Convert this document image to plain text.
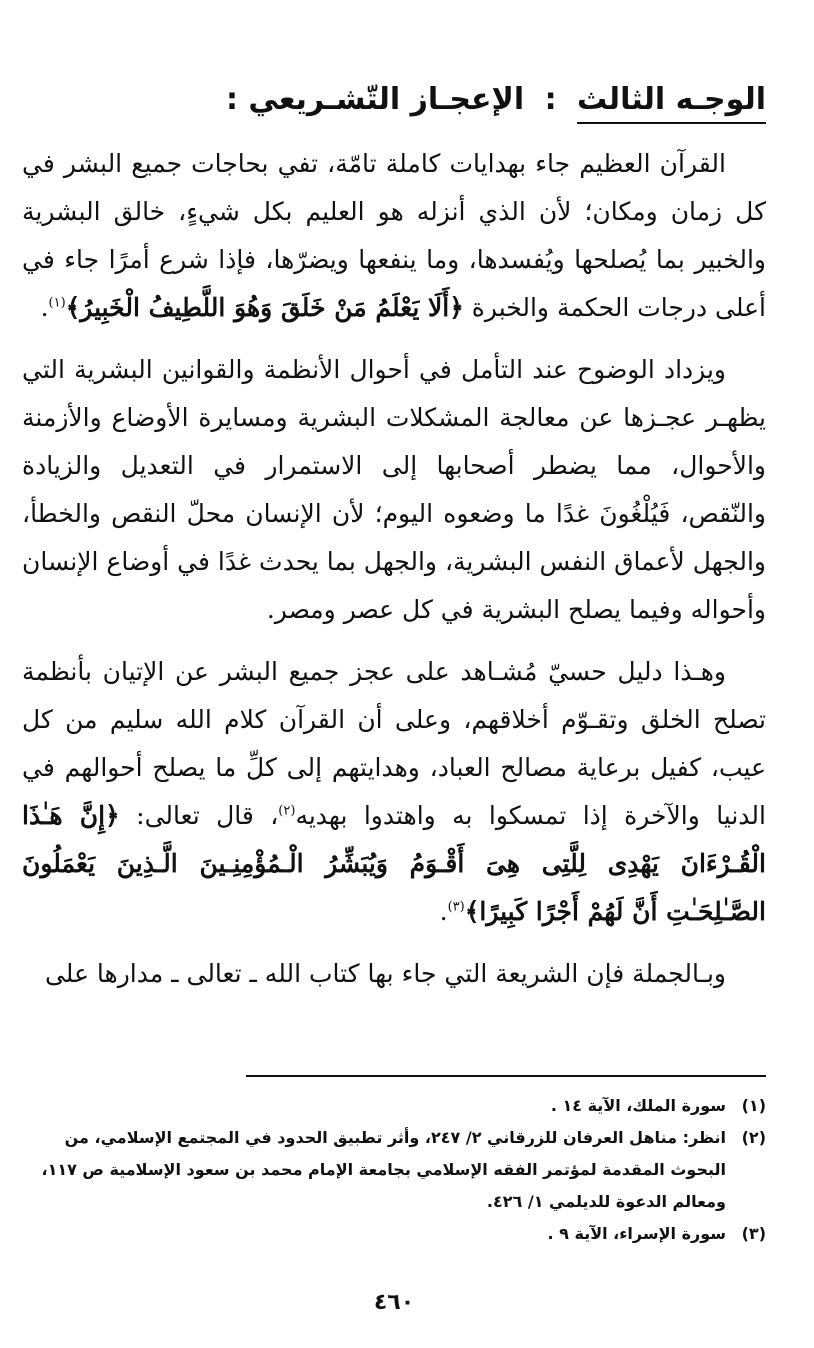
الوجـه الثالث : الإعجـاز التّشـريعي :

القرآن العظيم جاء بهدايات كاملة تامّة، تفي بحاجات جميع البشر في كل زمان ومكان؛ لأن الذي أنزله هو العليم بكل شيءٍ، خالق البشرية والخبير بما يُصلحها ويُفسدها، وما ينفعها ويضرّها، فإذا شرع أمرًا جاء في أعلى درجات الحكمة والخبرة ﴿أَلَا يَعْلَمُ مَنْ خَلَقَ وَهُوَ اللَّطِيفُ الْخَبِيرُ﴾$^{(١)}$.

ويزداد الوضوح عند التأمل في أحوال الأنظمة والقوانين البشرية التي يظهـر عجـزها عن معالجة المشكلات البشرية ومسايرة الأوضاع والأزمنة والأحوال، مما يضطر أصحابها إلى الاستمرار في التعديل والزيادة والنّقص، فَيُلْغُونَ غدًا ما وضعوه اليوم؛ لأن الإنسان محلّ النقص والخطأ، والجهل لأعماق النفس البشرية، والجهل بما يحدث غدًا في أوضاع الإنسان وأحواله وفيما يصلح البشرية في كل عصر ومصر.

وهـذا دليل حسيّ مُشـاهد على عجز جميع البشر عن الإتيان بأنظمة تصلح الخلق وتقـوّم أخلاقهم، وعلى أن القرآن كلام الله سليم من كل عيب، كفيل برعاية مصالح العباد، وهدايتهم إلى كلِّ ما يصلح أحوالهم في الدنيا والآخرة إذا تمسكوا به واهتدوا بهديه$^{(٢)}$، قال تعالى: ﴿إِنَّ هَـٰذَا الْقُـرْءَانَ يَهْدِى لِلَّتِى هِىَ أَقْـوَمُ وَيُبَشِّرُ الْـمُؤْمِنِـينَ الَّـذِينَ يَعْمَلُونَ الصَّـٰلِحَـٰتِ أَنَّ لَهُمْ أَجْرًا كَبِيرًا﴾$^{(٣)}$.

وبـالجملة فإن الشريعة التي جاء بها كتاب الله ـ تعالى ـ مدارها على

(١)
سورة الملك، الآية ١٤ .
(٢)
انظر: مناهل العرفان للزرقاني ٢/ ٢٤٧، وأثر تطبيق الحدود في المجتمع الإسلامي، من البحوث المقدمة لمؤتمر الفقه الإسلامي بجامعة الإمام محمد بن سعود الإسلامية ص ١١٧، ومعالم الدعوة للديلمي ١/ ٤٢٦.
(٣)
سورة الإسراء، الآية ٩ .
٤٦٠
